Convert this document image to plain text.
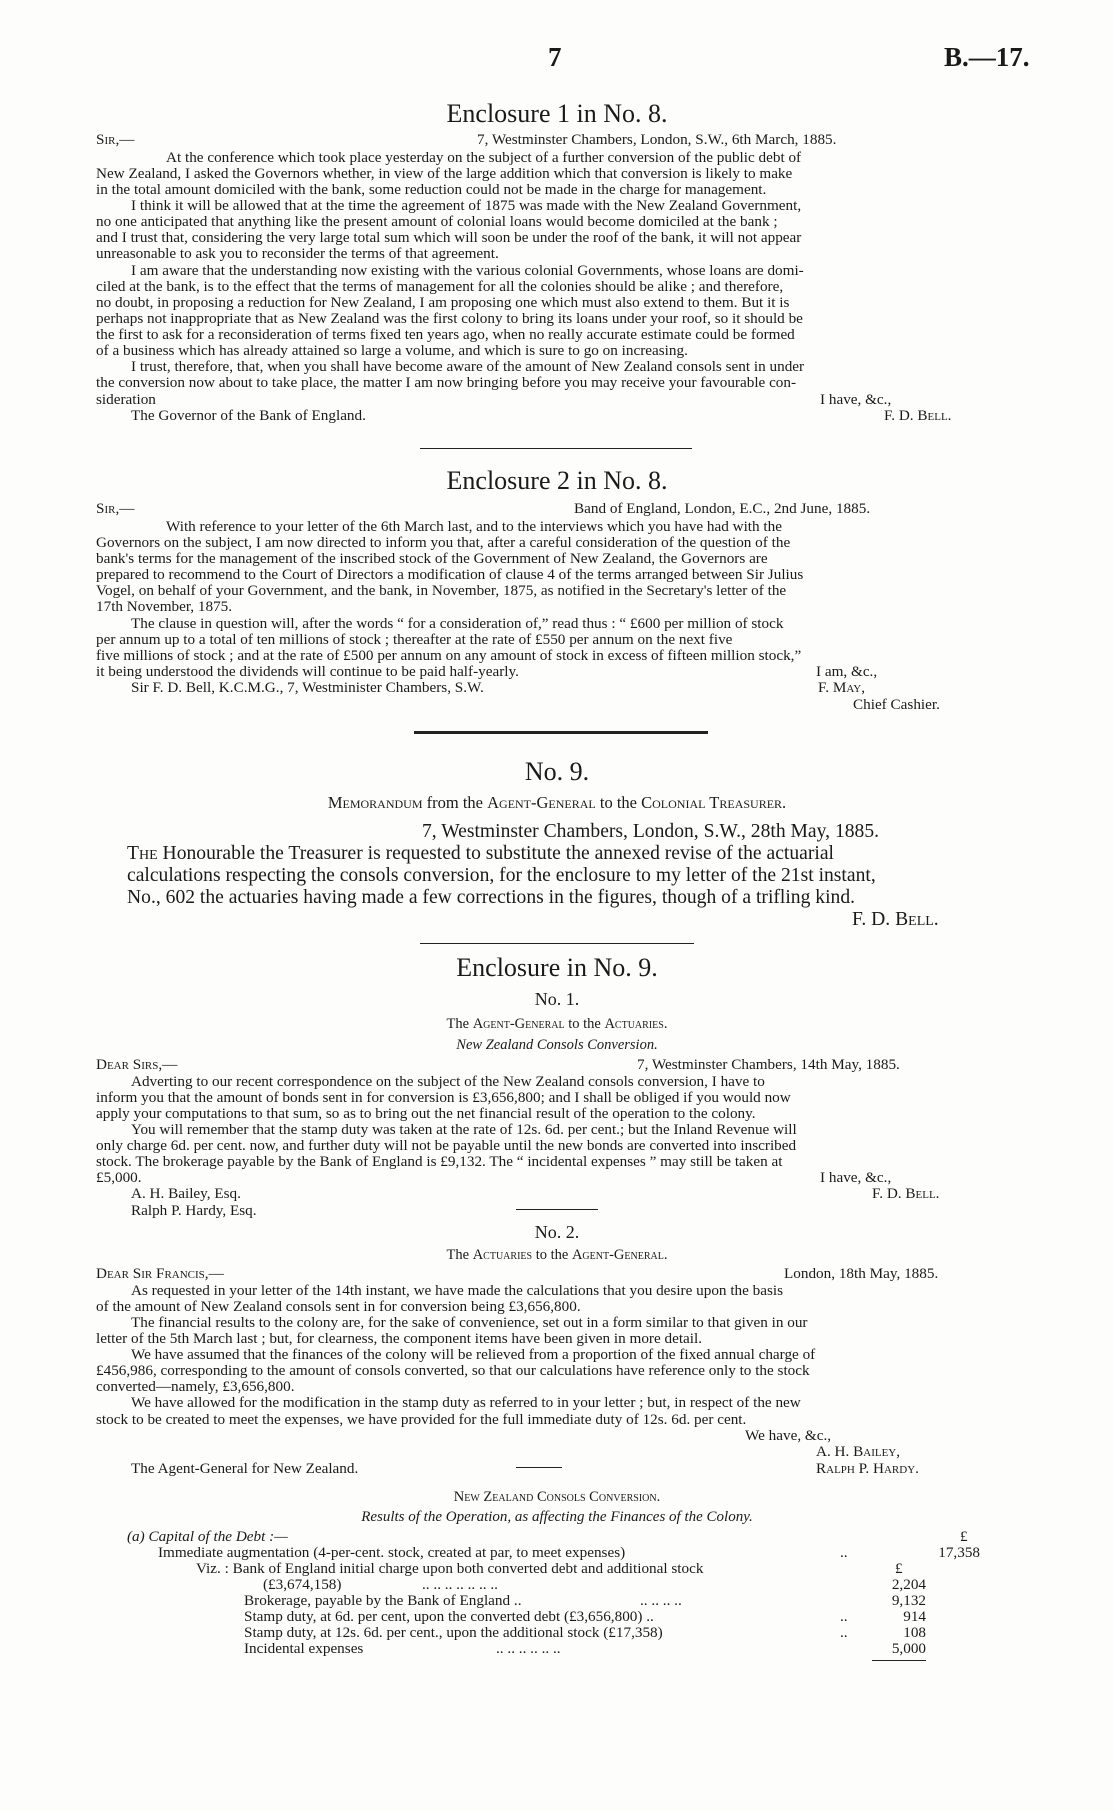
7	B.—17.
Enclosure 1 in No. 8.
Sir,—	7, Westminster Chambers, London, S.W., 6th March, 1885.
At the conference which took place yesterday on the subject of a further conversion of the public debt of
New Zealand, I asked the Governors whether, in view of the large addition which that conversion is likely to make
in the total amount domiciled with the bank, some reduction could not be made in the charge for management.
I think it will be allowed that at the time the agreement of 1875 was made with the New Zealand Government,
no one anticipated that anything like the present amount of colonial loans would become domiciled at the bank ;
and I trust that, considering the very large total sum which will soon be under the roof of the bank, it will not appear
unreasonable to ask you to reconsider the terms of that agreement.
I am aware that the understanding now existing with the various colonial Governments, whose loans are domi-
ciled at the bank, is to the effect that the terms of management for all the colonies should be alike ; and therefore,
no doubt, in proposing a reduction for New Zealand, I am proposing one which must also extend to them. But it is
perhaps not inappropriate that as New Zealand was the first colony to bring its loans under your roof, so it should be
the first to ask for a reconsideration of terms fixed ten years ago, when no really accurate estimate could be formed
of a business which has already attained so large a volume, and which is sure to go on increasing.
I trust, therefore, that, when you shall have become aware of the amount of New Zealand consols sent in under
the conversion now about to take place, the matter I am now bringing before you may receive your favourable con-
sideration	I have, &c.,
The Governor of the Bank of England.	F. D. Bell.
Enclosure 2 in No. 8.
Sir,—	Band of England, London, E.C., 2nd June, 1885.
With reference to your letter of the 6th March last, and to the interviews which you have had with the
Governors on the subject, I am now directed to inform you that, after a careful consideration of the question of the
bank's terms for the management of the inscribed stock of the Government of New Zealand, the Governors are
prepared to recommend to the Court of Directors a modification of clause 4 of the terms arranged between Sir Julius
Vogel, on behalf of your Government, and the bank, in November, 1875, as notified in the Secretary's letter of the
17th November, 1875.
The clause in question will, after the words “ for a consideration of,” read thus : “ £600 per million of stock
per annum up to a total of ten millions of stock ; thereafter at the rate of £550 per annum on the next five
five millions of stock ; and at the rate of £500 per annum on any amount of stock in excess of fifteen million stock,”
it being understood the dividends will continue to be paid half-yearly.	I am, &c.,
Sir F. D. Bell, K.C.M.G., 7, Westminister Chambers, S.W.	F. May,
Chief Cashier.
No. 9.
Memorandum from the Agent-General to the Colonial Treasurer.
7, Westminster Chambers, London, S.W., 28th May, 1885.
The Honourable the Treasurer is requested to substitute the annexed revise of the actuarial
calculations respecting the consols conversion, for the enclosure to my letter of the 21st instant,
No., 602 the actuaries having made a few corrections in the figures, though of a trifling kind.
F. D. Bell.
Enclosure in No. 9.
No. 1.
The Agent-General to the Actuaries.
New Zealand Consols Conversion.
Dear Sirs,—	7, Westminster Chambers, 14th May, 1885.
Adverting to our recent correspondence on the subject of the New Zealand consols conversion, I have to
inform you that the amount of bonds sent in for conversion is £3,656,800; and I shall be obliged if you would now
apply your computations to that sum, so as to bring out the net financial result of the operation to the colony.
You will remember that the stamp duty was taken at the rate of 12s. 6d. per cent.; but the Inland Revenue will
only charge 6d. per cent. now, and further duty will not be payable until the new bonds are converted into inscribed
stock. The brokerage payable by the Bank of England is £9,132. The “ incidental expenses ” may still be taken at
£5,000.	I have, &c.,
A. H. Bailey, Esq.	F. D. Bell.
Ralph P. Hardy, Esq.
No. 2.
The Actuaries to the Agent-General.
Dear Sir Francis,—	London, 18th May, 1885.
As requested in your letter of the 14th instant, we have made the calculations that you desire upon the basis
of the amount of New Zealand consols sent in for conversion being £3,656,800.
The financial results to the colony are, for the sake of convenience, set out in a form similar to that given in our
letter of the 5th March last ; but, for clearness, the component items have been given in more detail.
We have assumed that the finances of the colony will be relieved from a proportion of the fixed annual charge of
£456,986, corresponding to the amount of consols converted, so that our calculations have reference only to the stock
converted—namely, £3,656,800.
We have allowed for the modification in the stamp duty as referred to in your letter ; but, in respect of the new
stock to be created to meet the expenses, we have provided for the full immediate duty of 12s. 6d. per cent.
We have, &c.,
A. H. Bailey,
The Agent-General for New Zealand.	Ralph P. Hardy.
New Zealand Consols Conversion.
Results of the Operation, as affecting the Finances of the Colony.
(a) Capital of the Debt :—	£
Immediate augmentation (4-per-cent. stock, created at par, to meet expenses)	..	17,358
Viz. : Bank of England initial charge upon both converted debt and additional stock	£
(£3,674,158)	.. .. .. .. .. .. ..	2,204
Brokerage, payable by the Bank of England ..	.. .. .. ..	9,132
Stamp duty, at 6d. per cent, upon the converted debt (£3,656,800) ..	..	914
Stamp duty, at 12s. 6d. per cent., upon the additional stock (£17,358)	..	108
Incidental expenses	.. .. .. .. .. ..	5,000
